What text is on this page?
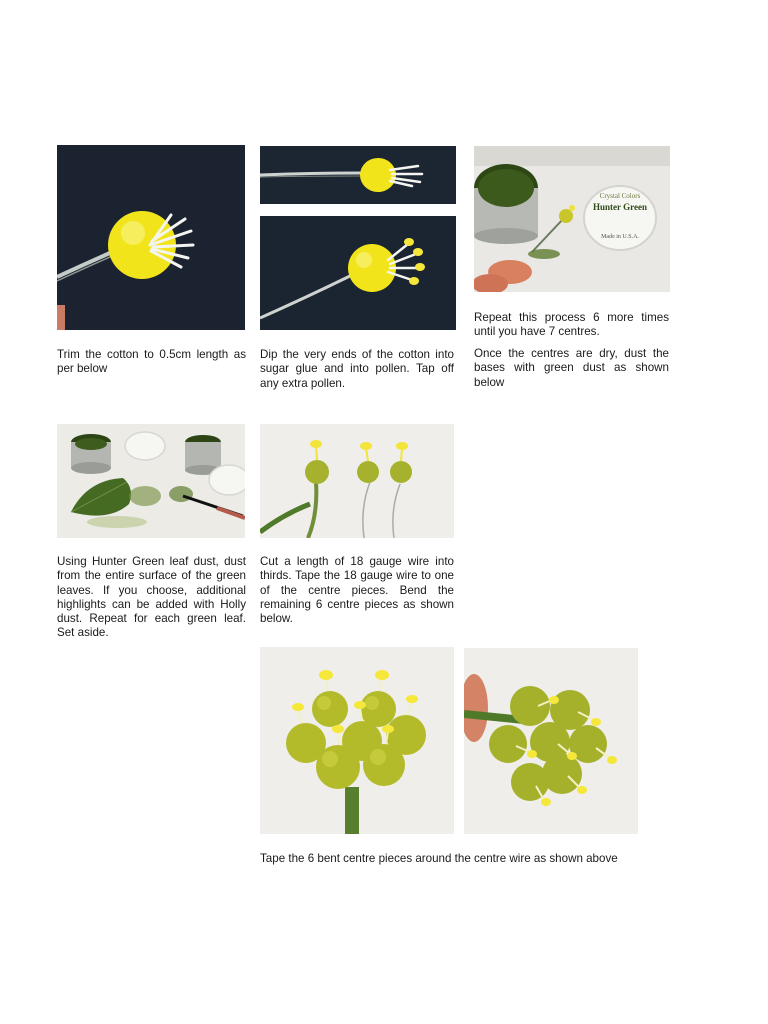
Crystal Colors
Hunter Green
Made in U.S.A.

Trim the cotton to 0.5cm length as per below

Dip the very ends of the cotton into sugar glue and into pollen. Tap off any extra pollen.

Repeat this process 6 more times until you have 7 centres.

Once the centres are dry, dust the bases with green dust as shown below

Using Hunter Green leaf dust, dust from the entire surface of the green leaves. If you choose, additional highlights can be added with Holly dust. Repeat for each green leaf. Set aside.

Cut a length of 18 gauge wire into thirds. Tape the 18 gauge wire to one of the centre pieces. Bend the remaining 6 centre pieces as shown below.

Tape the 6 bent centre pieces around the centre wire as shown above
